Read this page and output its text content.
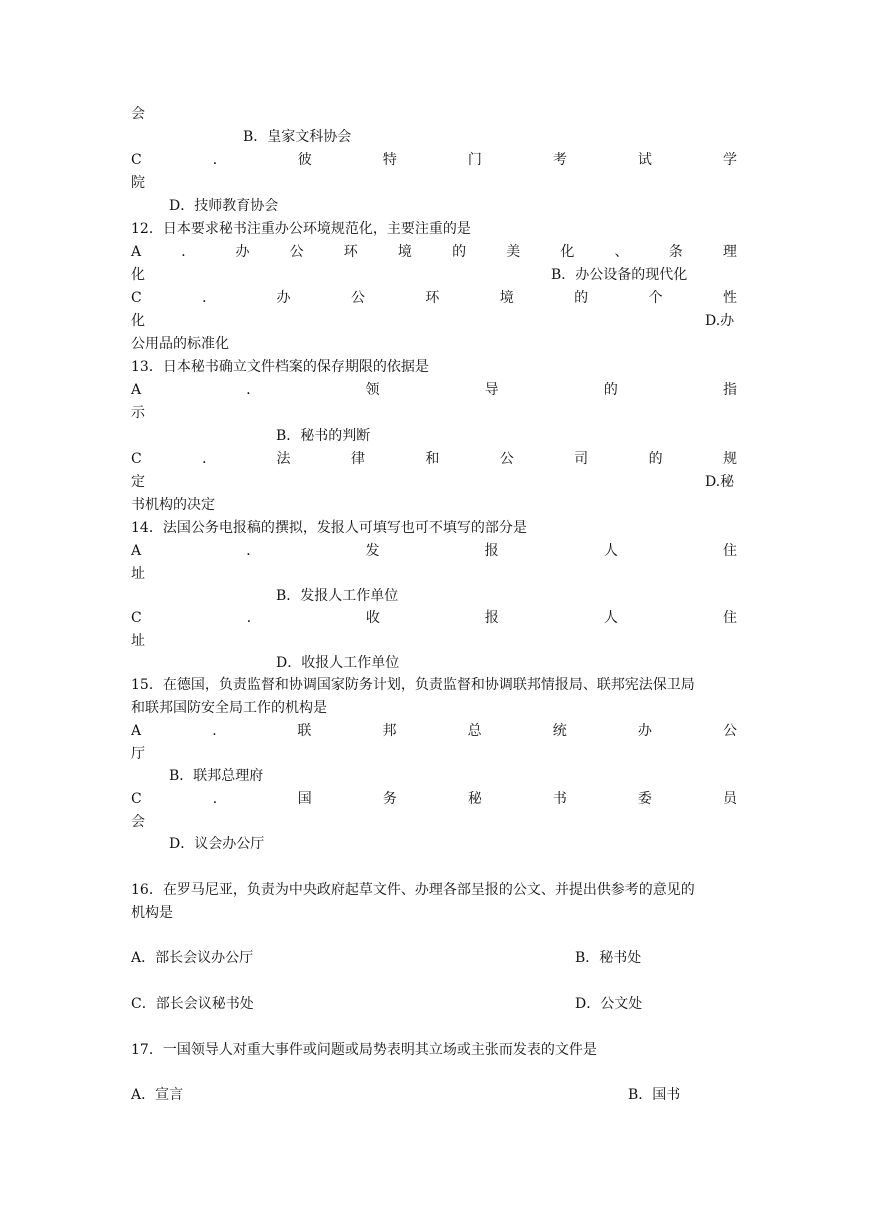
会
B．皇家文科协会
C	．	彼	特	门	考	试	学
院
D．技师教育协会
12．日本要求秘书注重办公环境规范化，主要注重的是
A	．	办	公	环	境	的	美	化	、	条	理
化	B．办公设备的现代化
C	．	办	公	环	境	的	个	性
化	D.办
公用品的标准化
13．日本秘书确立文件档案的保存期限的依据是
A	．	领	导	的	指
示
B．秘书的判断
C	．	法	律	和	公	司	的	规
定	D.秘
书机构的决定
14．法国公务电报稿的撰拟，发报人可填写也可不填写的部分是
A	．	发	报	人	住
址
B．发报人工作单位
C	．	收	报	人	住
址
D．收报人工作单位
15．在德国，负责监督和协调国家防务计划，负责监督和协调联邦情报局、联邦宪法保卫局
和联邦国防安全局工作的机构是
A	．	联	邦	总	统	办	公
厅
B．联邦总理府
C	．	国	务	秘	书	委	员
会
D．议会办公厅
16．在罗马尼亚，负责为中央政府起草文件、办理各部呈报的公文、并提出供参考的意见的
机构是
A．部长会议办公厅	B．秘书处
C．部长会议秘书处	D．公文处
17．一国领导人对重大事件或问题或局势表明其立场或主张而发表的文件是
A．宣言	B．国书
